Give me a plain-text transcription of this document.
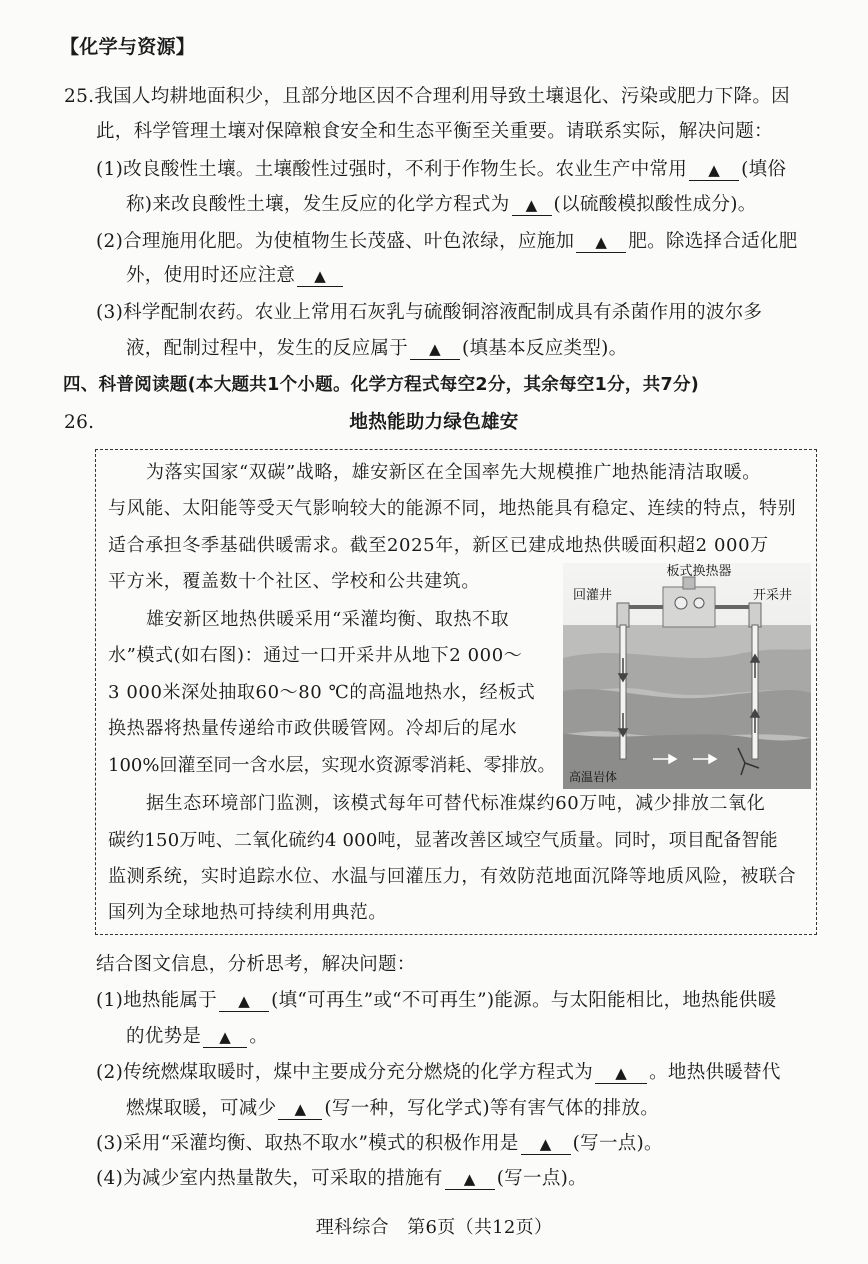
【化学与资源】
25.我国人均耕地面积少，且部分地区因不合理利用导致土壤退化、污染或肥力下降。因
此，科学管理土壤对保障粮食安全和生态平衡至关重要。请联系实际，解决问题：
(1)改良酸性土壤。土壤酸性过强时，不利于作物生长。农业生产中常用 ▲ (填俗
称)来改良酸性土壤，发生反应的化学方程式为 ▲ (以硫酸模拟酸性成分)。
(2)合理施用化肥。为使植物生长茂盛、叶色浓绿，应施加 ▲ 肥。除选择合适化肥
外，使用时还应注意 ▲
(3)科学配制农药。农业上常用石灰乳与硫酸铜溶液配制成具有杀菌作用的波尔多
液，配制过程中，发生的反应属于 ▲ (填基本反应类型)。
四、科普阅读题(本大题共1个小题。化学方程式每空2分，其余每空1分，共7分)
26.	地热能助力绿色雄安
为落实国家“双碳”战略，雄安新区在全国率先大规模推广地热能清洁取暖。
与风能、太阳能等受天气影响较大的能源不同，地热能具有稳定、连续的特点，特别
适合承担冬季基础供暖需求。截至2025年，新区已建成地热供暖面积超2 000万
平方米，覆盖数十个社区、学校和公共建筑。
雄安新区地热供暖采用“采灌均衡、取热不取
水”模式(如右图)：通过一口开采井从地下2 000～
3 000米深处抽取60～80 ℃的高温地热水，经板式
换热器将热量传递给市政供暖管网。冷却后的尾水
100%回灌至同一含水层，实现水资源零消耗、零排放。
据生态环境部门监测，该模式每年可替代标准煤约60万吨，减少排放二氧化
碳约150万吨、二氧化硫约4 000吨，显著改善区域空气质量。同时，项目配备智能
监测系统，实时追踪水位、水温与回灌压力，有效防范地面沉降等地质风险，被联合
国列为全球地热可持续利用典范。
板式换热器
回灌井	开采井
高温岩体
结合图文信息，分析思考，解决问题：
(1)地热能属于 ▲ (填“可再生”或“不可再生”)能源。与太阳能相比，地热能供暖
的优势是 ▲ 。
(2)传统燃煤取暖时，煤中主要成分充分燃烧的化学方程式为 ▲ 。地热供暖替代
燃煤取暖，可减少 ▲ (写一种，写化学式)等有害气体的排放。
(3)采用“采灌均衡、取热不取水”模式的积极作用是 ▲ (写一点)。
(4)为减少室内热量散失，可采取的措施有 ▲ (写一点)。
理科综合　第6页（共12页）
